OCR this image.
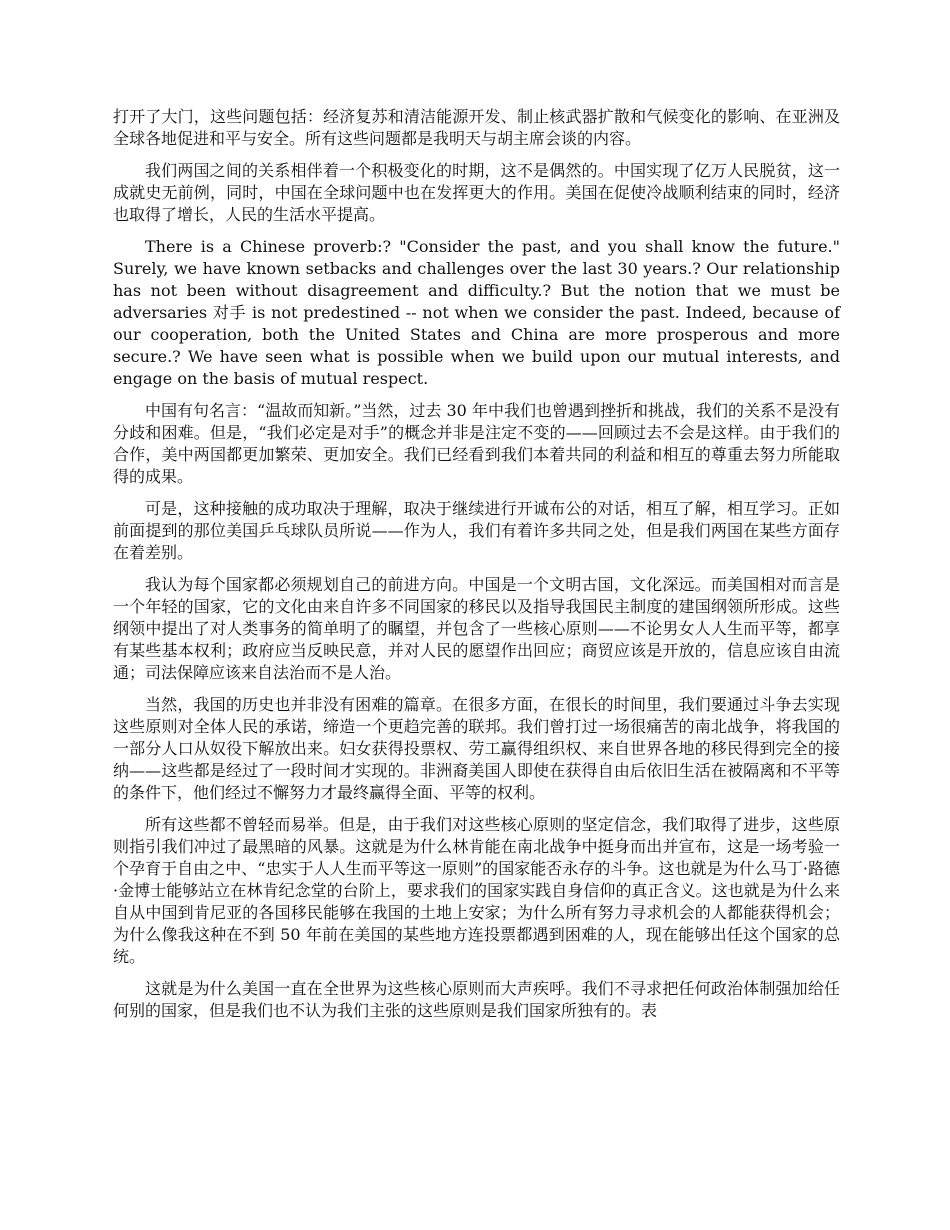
打开了大门，这些问题包括：经济复苏和清洁能源开发、制止核武器扩散和气候变化的影响、在亚洲及全球各地促进和平与安全。所有这些问题都是我明天与胡主席会谈的内容。

我们两国之间的关系相伴着一个积极变化的时期，这不是偶然的。中国实现了亿万人民脱贫，这一成就史无前例，同时，中国在全球问题中也在发挥更大的作用。美国在促使冷战顺利结束的同时，经济也取得了增长，人民的生活水平提高。

There is a Chinese proverb:? "Consider the past, and you shall know the future." Surely, we have known setbacks and challenges over the last 30 years.? Our relationship has not been without disagreement and difficulty.? But the notion that we must be adversaries 对手 is not predestined -- not when we consider the past. Indeed, because of our cooperation, both the United States and China are more prosperous and more secure.? We have seen what is possible when we build upon our mutual interests, and engage on the basis of mutual respect.

中国有句名言：“温故而知新。”当然，过去 30 年中我们也曾遇到挫折和挑战，我们的关系不是没有分歧和困难。但是，“我们必定是对手”的概念并非是注定不变的——回顾过去不会是这样。由于我们的合作，美中两国都更加繁荣、更加安全。我们已经看到我们本着共同的利益和相互的尊重去努力所能取得的成果。

可是，这种接触的成功取决于理解，取决于继续进行开诚布公的对话，相互了解，相互学习。正如前面提到的那位美国乒乓球队员所说——作为人，我们有着许多共同之处，但是我们两国在某些方面存在着差别。

我认为每个国家都必须规划自己的前进方向。中国是一个文明古国，文化深远。而美国相对而言是一个年轻的国家，它的文化由来自许多不同国家的移民以及指导我国民主制度的建国纲领所形成。这些纲领中提出了对人类事务的简单明了的瞩望，并包含了一些核心原则——不论男女人人生而平等，都享有某些基本权利；政府应当反映民意，并对人民的愿望作出回应；商贸应该是开放的，信息应该自由流通；司法保障应该来自法治而不是人治。

当然，我国的历史也并非没有困难的篇章。在很多方面，在很长的时间里，我们要通过斗争去实现这些原则对全体人民的承诺，缔造一个更趋完善的联邦。我们曾打过一场很痛苦的南北战争，将我国的一部分人口从奴役下解放出来。妇女获得投票权、劳工赢得组织权、来自世界各地的移民得到完全的接纳——这些都是经过了一段时间才实现的。非洲裔美国人即使在获得自由后依旧生活在被隔离和不平等的条件下，他们经过不懈努力才最终赢得全面、平等的权利。

所有这些都不曾轻而易举。但是，由于我们对这些核心原则的坚定信念，我们取得了进步，这些原则指引我们冲过了最黑暗的风暴。这就是为什么林肯能在南北战争中挺身而出并宣布，这是一场考验一个孕育于自由之中、“忠实于人人生而平等这一原则”的国家能否永存的斗争。这也就是为什么马丁·路德·金博士能够站立在林肯纪念堂的台阶上，要求我们的国家实践自身信仰的真正含义。这也就是为什么来自从中国到肯尼亚的各国移民能够在我国的土地上安家；为什么所有努力寻求机会的人都能获得机会；为什么像我这种在不到 50 年前在美国的某些地方连投票都遇到困难的人，现在能够出任这个国家的总统。

这就是为什么美国一直在全世界为这些核心原则而大声疾呼。我们不寻求把任何政治体制强加给任何别的国家，但是我们也不认为我们主张的这些原则是我们国家所独有的。表
